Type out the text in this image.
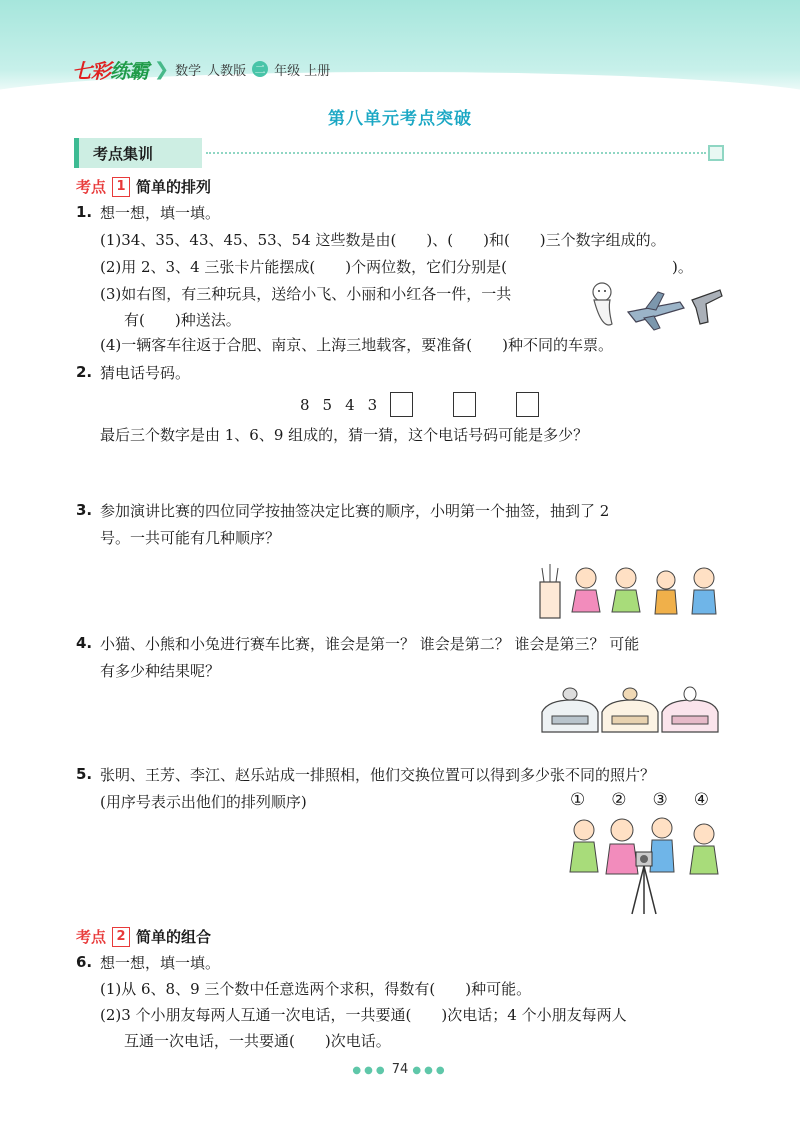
七彩练霸 ❯ 数学 人教版 二 年级 上册
第八单元考点突破
考点集训
考点 1 简单的排列
1. 想一想，填一填。
(1)34、35、43、45、53、54 这些数是由(　　)、(　　)和(　　)三个数字组成的。
(2)用 2、3、4 三张卡片能摆成(　　)个两位数，它们分别是(　　　　　　　　　　　)。
(3)如右图，有三种玩具，送给小飞、小丽和小红各一件，一共
有(　　)种送法。
(4)一辆客车往返于合肥、南京、上海三地载客，要准备(　　)种不同的车票。
2. 猜电话号码。
8 5 4 3
最后三个数字是由 1、6、9 组成的，猜一猜，这个电话号码可能是多少？
3. 参加演讲比赛的四位同学按抽签决定比赛的顺序，小明第一个抽签，抽到了 2
号。一共可能有几种顺序？
4. 小猫、小熊和小兔进行赛车比赛，谁会是第一？ 谁会是第二？ 谁会是第三？ 可能
有多少种结果呢？
5. 张明、王芳、李江、赵乐站成一排照相，他们交换位置可以得到多少张不同的照片？
(用序号表示出他们的排列顺序)	① ② ③ ④
考点 2 简单的组合
6. 想一想，填一填。
(1)从 6、8、9 三个数中任意选两个求积，得数有(　　)种可能。
(2)3 个小朋友每两人互通一次电话，一共要通(　　)次电话；4 个小朋友每两人
互通一次电话，一共要通(　　)次电话。
●●● 74 ●●●
